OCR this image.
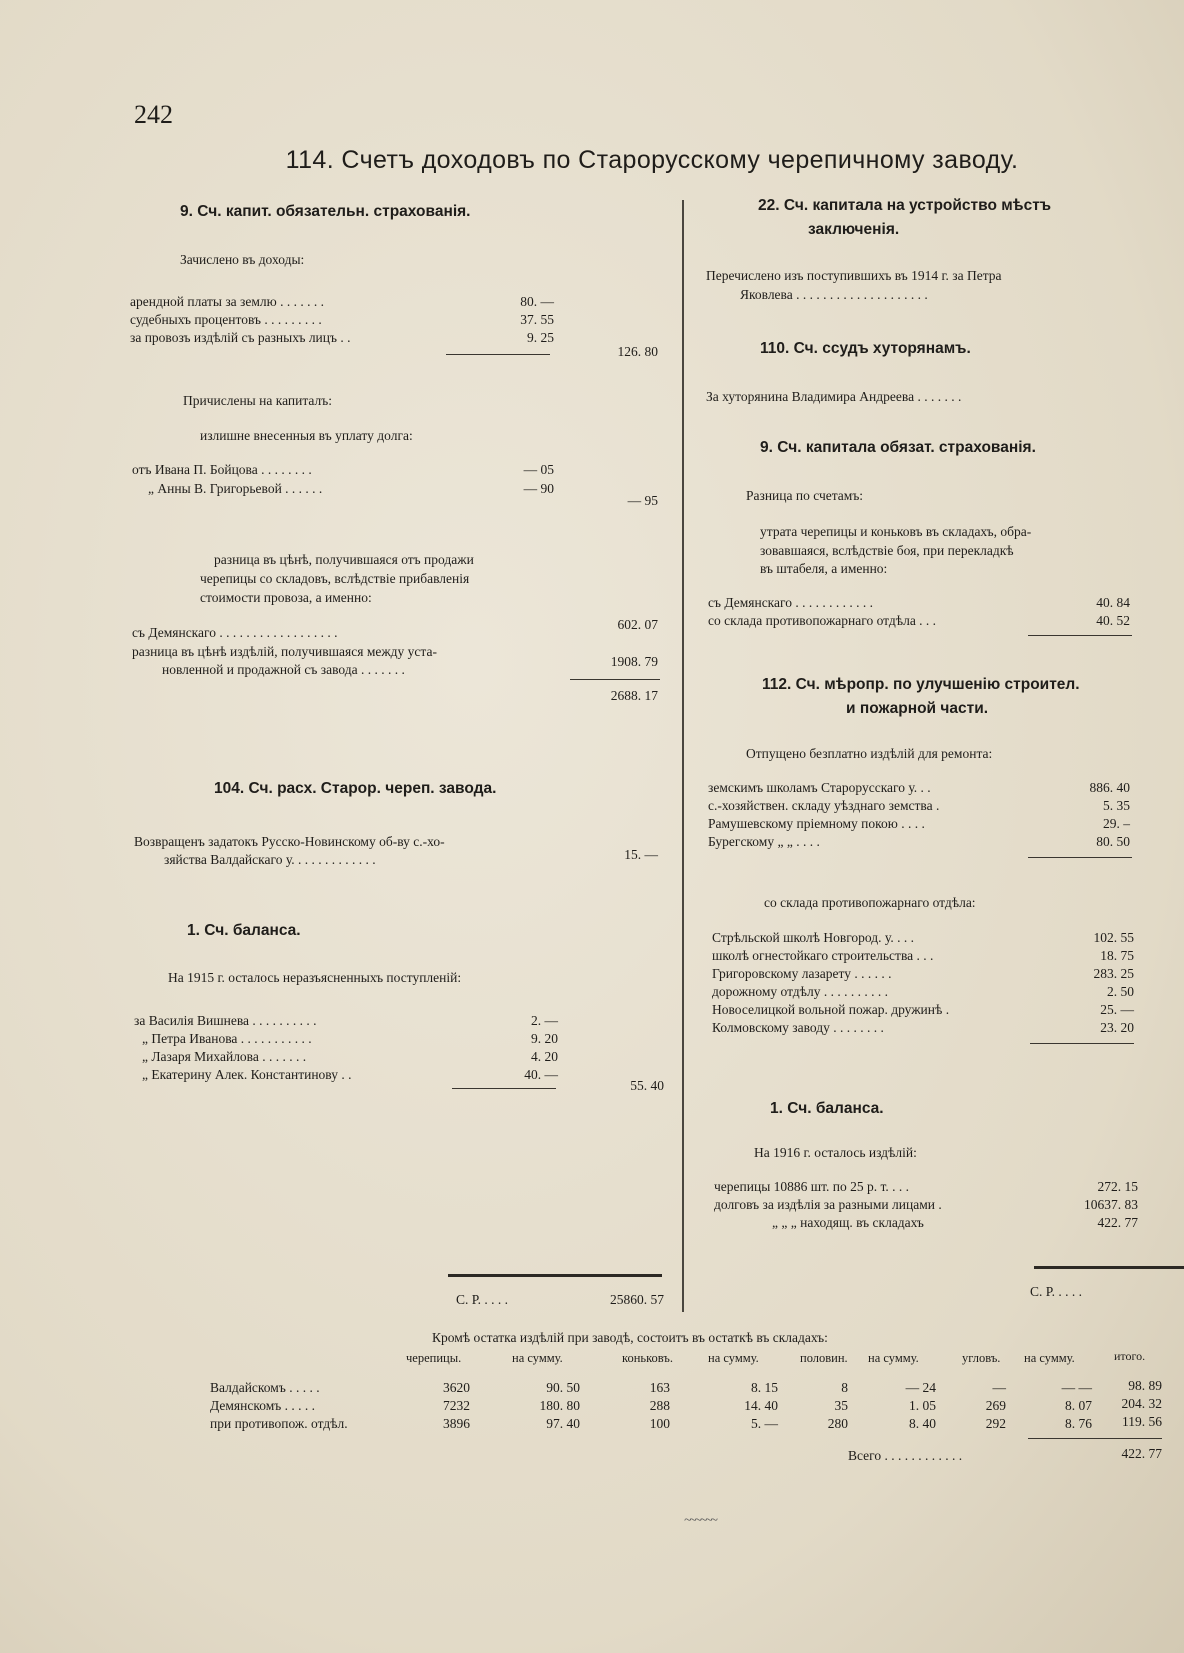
242
114. Счетъ доходовъ по Старорусскому черепичному заводу.
9. Сч. капит. обязательн. страхованія.
Зачислено въ доходы:
арендной платы за землю . . . . . . .	80. —
судебныхъ процентовъ . . . . . . . . .	37. 55
за провозъ издѣлій съ разныхъ лицъ . .	9. 25
126. 80
Причислены на капиталъ:
излишне внесенныя въ уплату долга:
отъ Ивана П. Бойцова . . . . . . . .	— 05
„ Анны В. Григорьевой . . . . . .	— 90
— 95
разница въ цѣнѣ, получившаяся отъ продажи
черепицы со складовъ, вслѣдствіе прибавленія
стоимости провоза, а именно:
съ Демянскаго . . . . . . . . . . . . . . . . . .
602. 07
разница въ цѣнѣ издѣлій, получившаяся между уста-
новленной и продажной съ завода . . . . . . .
1908. 79
2688. 17
104. Сч. расх. Старор. череп. завода.
Возвращенъ задатокъ Русско-Новинскому об-ву с.-хо-
зяйства Валдайскаго у. . . . . . . . . . . . .	15. —
1. Сч. баланса.
На 1915 г. осталось неразъясненныхъ поступленій:
за Василія Вишнева . . . . . . . . . .	2. —
„ Петра Иванова . . . . . . . . . . .	9. 20
„ Лазаря Михайлова . . . . . . .	4. 20
„ Екатерину Алек. Константинову . .	40. —
55. 40
С. Р. . . . .	25860. 57
22. Сч. капитала на устройство мѣстъ
заключенія.
Перечислено изъ поступившихъ въ 1914 г. за Петра
Яковлева . . . . . . . . . . . . . . . . . . . .
110. Сч. ссудъ хуторянамъ.
За хуторянина Владимира Андреева . . . . . . .
9. Сч. капитала обязат. страхованія.
Разница по счетамъ:
утрата черепицы и коньковъ въ складахъ, обра-
зовавшаяся, вслѣдствіе боя, при перекладкѣ
въ штабеля, а именно:
съ Демянскаго . . . . . . . . . . . .	40. 84
со склада противопожарнаго отдѣла . . .	40. 52
112. Сч. мѣропр. по улучшенію строител.
и пожарной части.
Отпущено безплатно издѣлій для ремонта:
земскимъ школамъ Старорусскаго у. . .	886. 40
с.-хозяйствен. складу уѣзднаго земства .	5. 35
Рамушевскому пріемному покою . . . .	29. –
Бурегскому „ „ . . . .	80. 50
со склада противопожарнаго отдѣла:
Стрѣльской школѣ Новгород. у. . . .	102. 55
школѣ огнестойкаго строительства . . .	18. 75
Григоровскому лазарету . . . . . .	283. 25
дорожному отдѣлу . . . . . . . . . .	2. 50
Новоселицкой вольной пожар. дружинѣ .	25. —
Колмовскому заводу . . . . . . . .	23. 20
1. Сч. баланса.
На 1916 г. осталось издѣлій:
черепицы 10886 шт. по 25 р. т. . . .	272. 15
долговъ за издѣлія за разными лицами .	10637. 83
„ „ „ находящ. въ складахъ	422. 77
С. Р. . . . .
Кромѣ остатка издѣлій при заводѣ, состоитъ въ остаткѣ въ складахъ:
черепицы.	на сумму.	коньковъ.	на сумму.	половин. на сумму.	угловъ. на сумму.	итого.
Валдайскомъ . . . . .	3620	90. 50	163	8. 15	8	— 24	—	— —	98. 89
Демянскомъ . . . . .	7232	180. 80	288	14. 40	35	1. 05	269	8. 07	204. 32
при противопож. отдѣл.	3896	97. 40	100	5. —	280	8. 40	292	8. 76	119. 56
Всего . . . . . . . . . . . .	422. 77
~~~~~~
